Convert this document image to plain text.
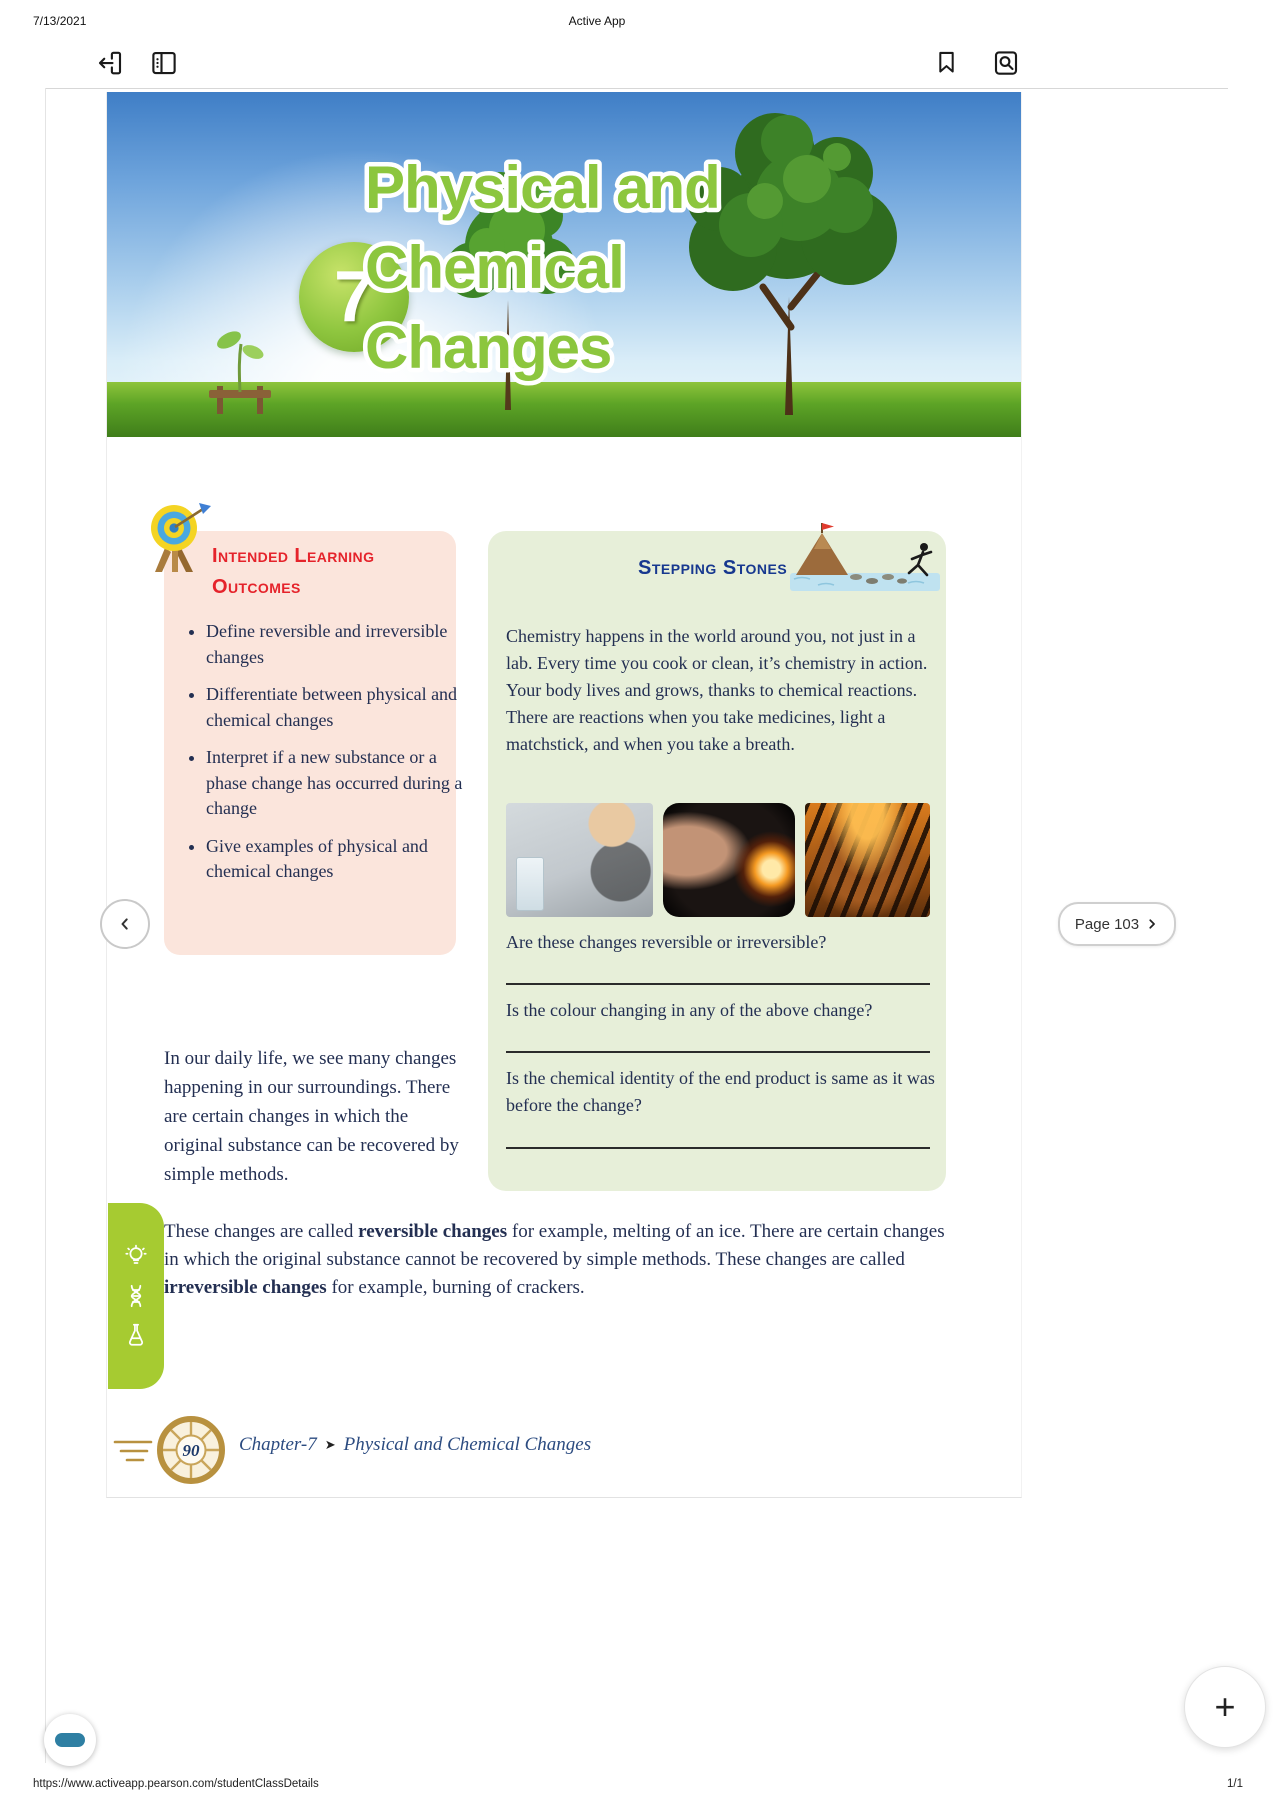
7/13/2021	Active App
7
Physical and
Chemical
Changes
Intended Learning
Outcomes
• Define reversible and irreversible changes
• Differentiate between physical and chemical changes
• Interpret if a new substance or a phase change has occurred during a change
• Give examples of physical and chemical changes
Stepping Stones
Chemistry happens in the world around you, not just in a lab. Every time you cook or clean, it’s chemistry in action. Your body lives and grows, thanks to chemical reactions. There are reactions when you take medicines, light a matchstick, and when you take a breath.
Are these changes reversible or irreversible?
Is the colour changing in any of the above change?
Is the chemical identity of the end product is same as it was before the change?
In our daily life, we see many changes happening in our surroundings. There are certain changes in which the original substance can be recovered by simple methods.
These changes are called reversible changes for example, melting of an ice. There are certain changes in which the original substance cannot be recovered by simple methods. These changes are called irreversible changes for example, burning of crackers.
90 Chapter-7 ➤ Physical and Chemical Changes
Page 103
+
https://www.activeapp.pearson.com/studentClassDetails	1/1
